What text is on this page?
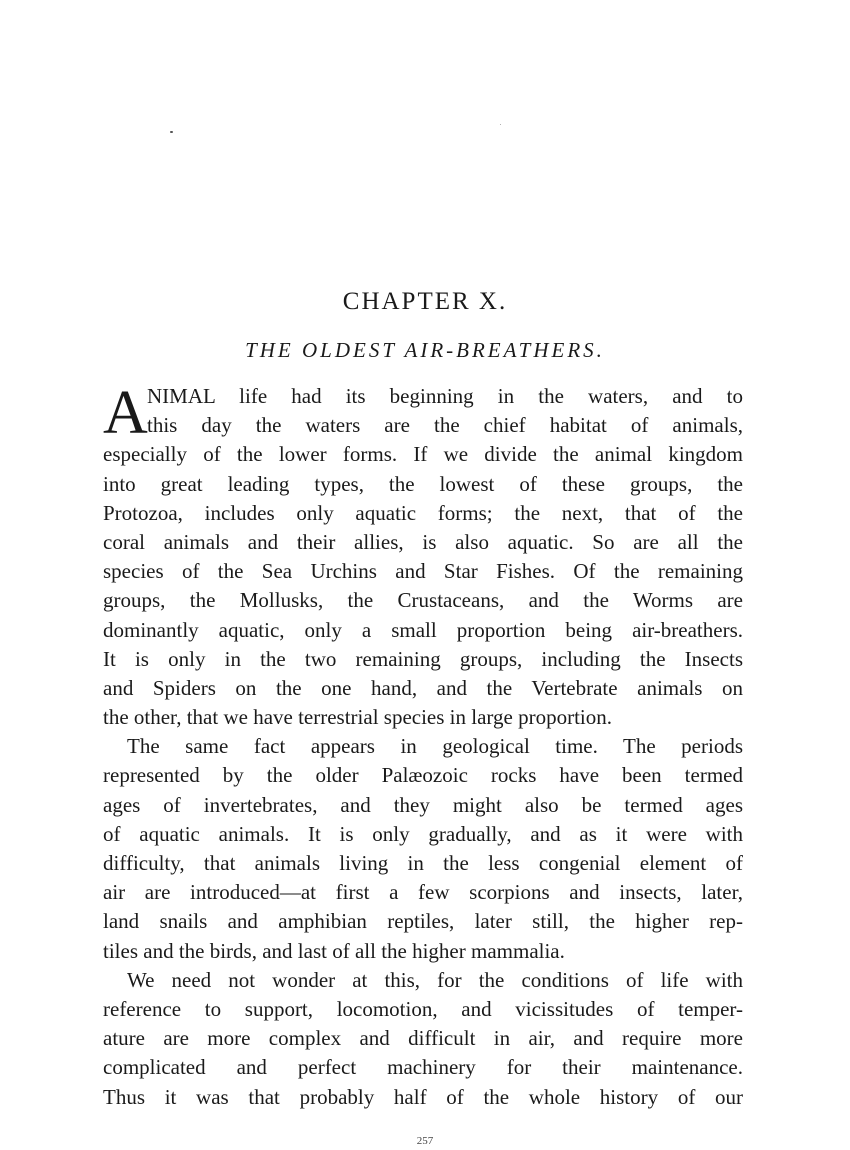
CHAPTER X.
THE OLDEST AIR-BREATHERS.
A NIMAL life had its beginning in the waters, and to
this day the waters are the chief habitat of animals,
especially of the lower forms. If we divide the animal kingdom
into great leading types, the lowest of these groups, the
Protozoa, includes only aquatic forms; the next, that of the
coral animals and their allies, is also aquatic. So are all the
species of the Sea Urchins and Star Fishes. Of the remaining
groups, the Mollusks, the Crustaceans, and the Worms are
dominantly aquatic, only a small proportion being air-breathers.
It is only in the two remaining groups, including the Insects
and Spiders on the one hand, and the Vertebrate animals on
the other, that we have terrestrial species in large proportion.
The same fact appears in geological time. The periods
represented by the older Palæozoic rocks have been termed
ages of invertebrates, and they might also be termed ages
of aquatic animals. It is only gradually, and as it were with
difficulty, that animals living in the less congenial element of
air are introduced—at first a few scorpions and insects, later,
land snails and amphibian reptiles, later still, the higher rep-
tiles and the birds, and last of all the higher mammalia.
We need not wonder at this, for the conditions of life with
reference to support, locomotion, and vicissitudes of temper-
ature are more complex and difficult in air, and require more
complicated and perfect machinery for their maintenance.
Thus it was that probably half of the whole history of our
257
